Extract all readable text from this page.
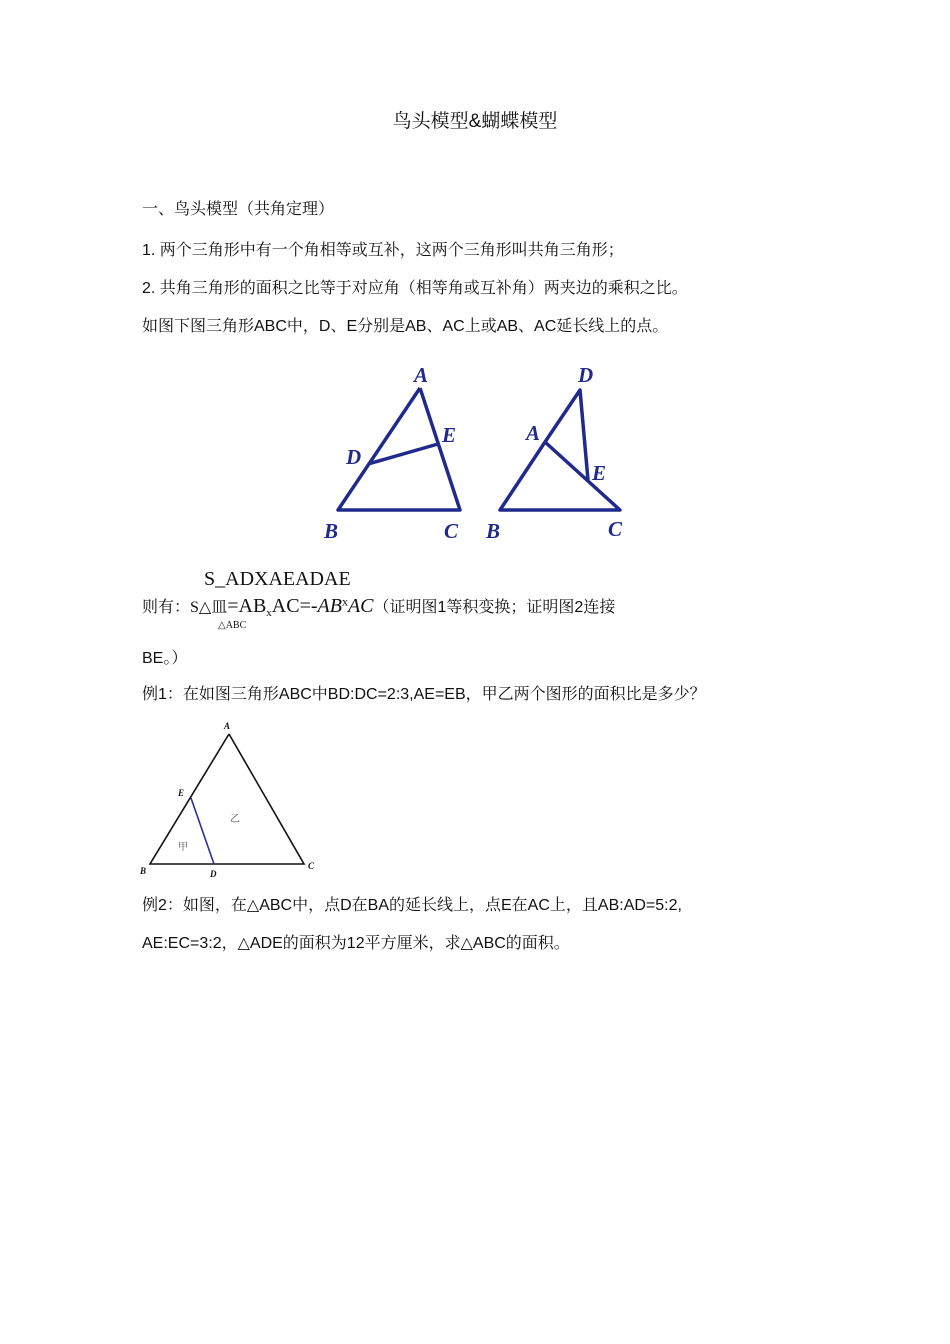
鸟头模型&蝴蝶模型
一、鸟头模型（共角定理）
1. 两个三角形中有一个角相等或互补，这两个三角形叫共角三角形；
2. 共角三角形的面积之比等于对应角（相等角或互补角）两夹边的乘积之比。
如图下图三角形ABC中，D、E分别是AB、AC上或AB、AC延长线上的点。
A
D
E
B	C
D
A
E
B	C
S_ADXAEADAE
则有：S△皿$=AB_xAC=-AB^xAC$（证明图1等积变换；证明图2连接
△ABC
BE。）
例1：在如图三角形ABC中BD:DC=2:3,AE=EB，甲乙两个图形的面积比是多少？
A
E
B	C
D
甲
乙
例2：如图，在△ABC中，点D在BA的延长线上，点E在AC上，且AB:AD=5:2,
AE:EC=3:2，△ADE的面积为12平方厘米，求△ABC的面积。
